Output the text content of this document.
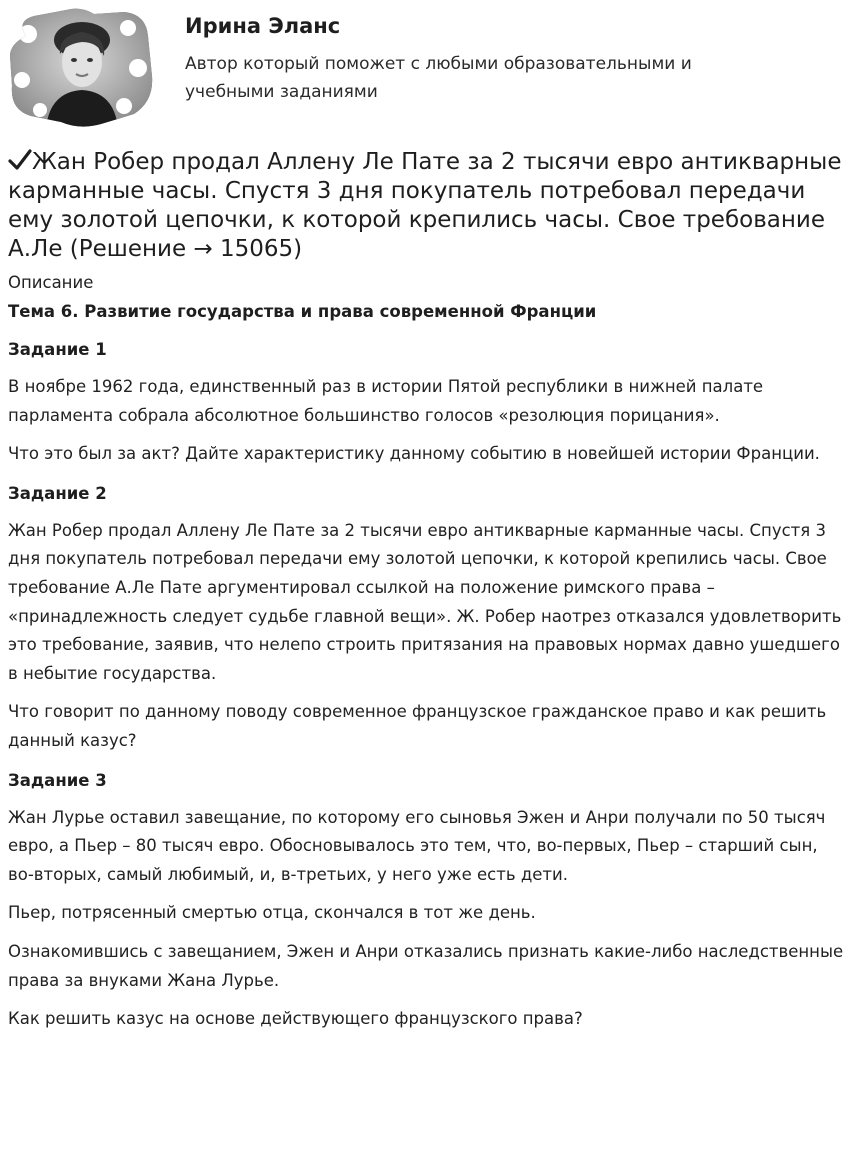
Ирина Эланс

Автор который поможет с любыми образовательными и учебными заданиями

Жан Робер продал Аллену Ле Пате за 2 тысячи евро антикварные карманные часы. Спустя 3 дня покупатель потребовал передачи ему золотой цепочки, к которой крепились часы. Свое требование А.Ле (Решение → 15065)

Описание

Тема 6. Развитие государства и права современной Франции

Задание 1

В ноябре 1962 года, единственный раз в истории Пятой республики в нижней палате парламента собрала абсолютное большинство голосов «резолюция порицания».

Что это был за акт? Дайте характеристику данному событию в новейшей истории Франции.

Задание 2

Жан Робер продал Аллену Ле Пате за 2 тысячи евро антикварные карманные часы. Спустя 3 дня покупатель потребовал передачи ему золотой цепочки, к которой крепились часы. Свое требование А.Ле Пате аргументировал ссылкой на положение римского права – «принадлежность следует судьбе главной вещи». Ж. Робер наотрез отказался удовлетворить это требование, заявив, что нелепо строить притязания на правовых нормах давно ушедшего в небытие государства.

Что говорит по данному поводу современное французское гражданское право и как решить данный казус?

Задание 3

Жан Лурье оставил завещание, по которому его сыновья Эжен и Анри получали по 50 тысяч евро, а Пьер – 80 тысяч евро. Обосновывалось это тем, что, во-первых, Пьер – старший сын, во-вторых, самый любимый, и, в-третьих, у него уже есть дети.

Пьер, потрясенный смертью отца, скончался в тот же день.

Ознакомившись с завещанием, Эжен и Анри отказались признать какие-либо наследственные права за внуками Жана Лурье.

Как решить казус на основе действующего французского права?
